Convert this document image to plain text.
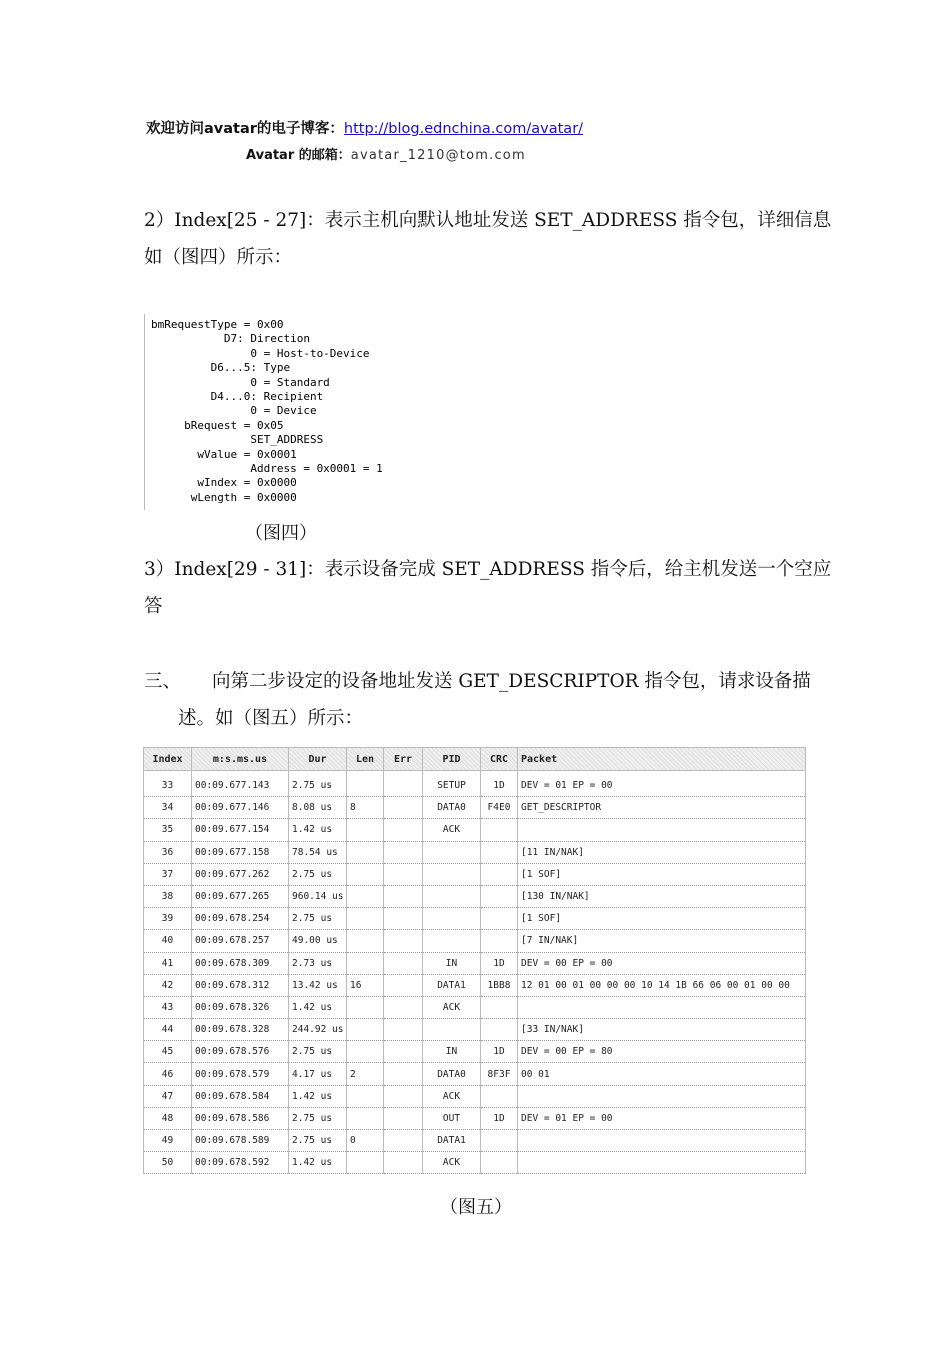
欢迎访问avatar的电子博客：http://blog.ednchina.com/avatar/
Avatar 的邮箱：avatar_1210@tom.com
2）Index[25 - 27]：表示主机向默认地址发送 SET_ADDRESS 指令包，详细信息
如（图四）所示：
bmRequestType = 0x00
D7: Direction
0 = Host-to-Device
D6...5: Type
0 = Standard
D4...0: Recipient
0 = Device
bRequest = 0x05
SET_ADDRESS
wValue = 0x0001
Address = 0x0001 = 1
wIndex = 0x0000
wLength = 0x0000
（图四）
3）Index[29 - 31]：表示设备完成 SET_ADDRESS 指令后，给主机发送一个空应
答
三、 向第二步设定的设备地址发送 GET_DESCRIPTOR 指令包，请求设备描
述。如（图五）所示：
Index	m:s.ms.us	Dur	Len	Err	PID	CRC	Packet
33	00:09.677.143	2.75 us			SETUP	1D	DEV = 01 EP = 00
34	00:09.677.146	8.08 us	8		DATA0	F4E0	GET_DESCRIPTOR
35	00:09.677.154	1.42 us			ACK		
36	00:09.677.158	78.54 us					[11 IN/NAK]
37	00:09.677.262	2.75 us					[1 SOF]
38	00:09.677.265	960.14 us					[130 IN/NAK]
39	00:09.678.254	2.75 us					[1 SOF]
40	00:09.678.257	49.00 us					[7 IN/NAK]
41	00:09.678.309	2.73 us			IN	1D	DEV = 00 EP = 00
42	00:09.678.312	13.42 us	16		DATA1	1BB8	12 01 00 01 00 00 00 10 14 1B 66 06 00 01 00 00
43	00:09.678.326	1.42 us			ACK		
44	00:09.678.328	244.92 us					[33 IN/NAK]
45	00:09.678.576	2.75 us			IN	1D	DEV = 00 EP = 80
46	00:09.678.579	4.17 us	2		DATA0	8F3F	00 01
47	00:09.678.584	1.42 us			ACK		
48	00:09.678.586	2.75 us			OUT	1D	DEV = 01 EP = 00
49	00:09.678.589	2.75 us	0		DATA1		
50	00:09.678.592	1.42 us			ACK		
（图五）
